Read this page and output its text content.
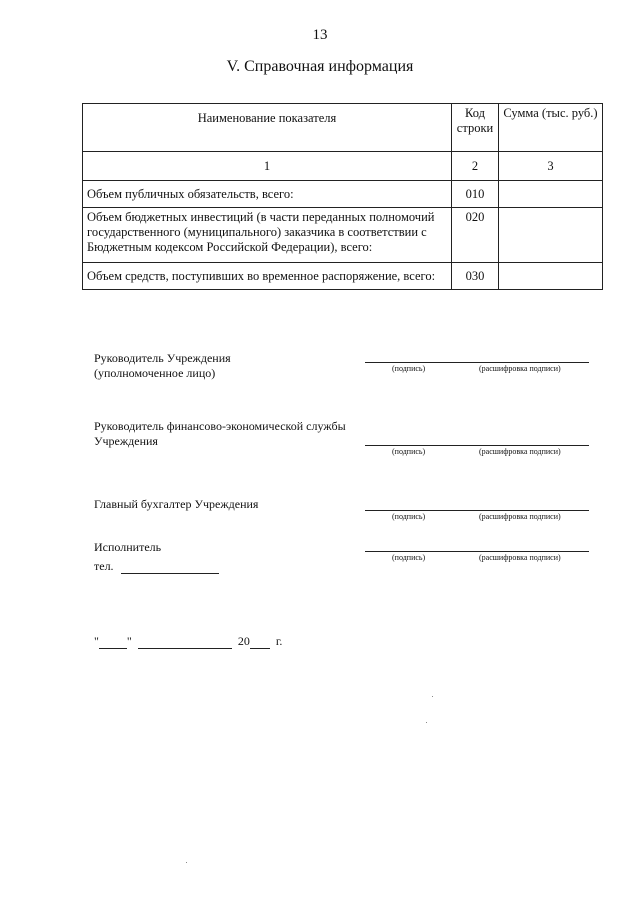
13
V. Справочная информация
Наименование показателя	Код строки	Сумма (тыс. руб.)
1	2	3
Объем публичных обязательств, всего:	010	
Объем бюджетных инвестиций (в части переданных полномочий государственного (муниципального) заказчика в соответствии с Бюджетным кодексом Российской Федерации), всего:	020	
Объем средств, поступивших во временное распоряжение, всего:	030	
Руководитель Учреждения
(уполномоченное лицо)	(подпись)	(расшифровка подписи)
Руководитель финансово-экономической службы
Учреждения
(подпись)	(расшифровка подписи)
Главный бухгалтер Учреждения
(подпись)	(расшифровка подписи)
Исполнитель
тел.
(подпись)	(расшифровка подписи)
" "	20 г.
